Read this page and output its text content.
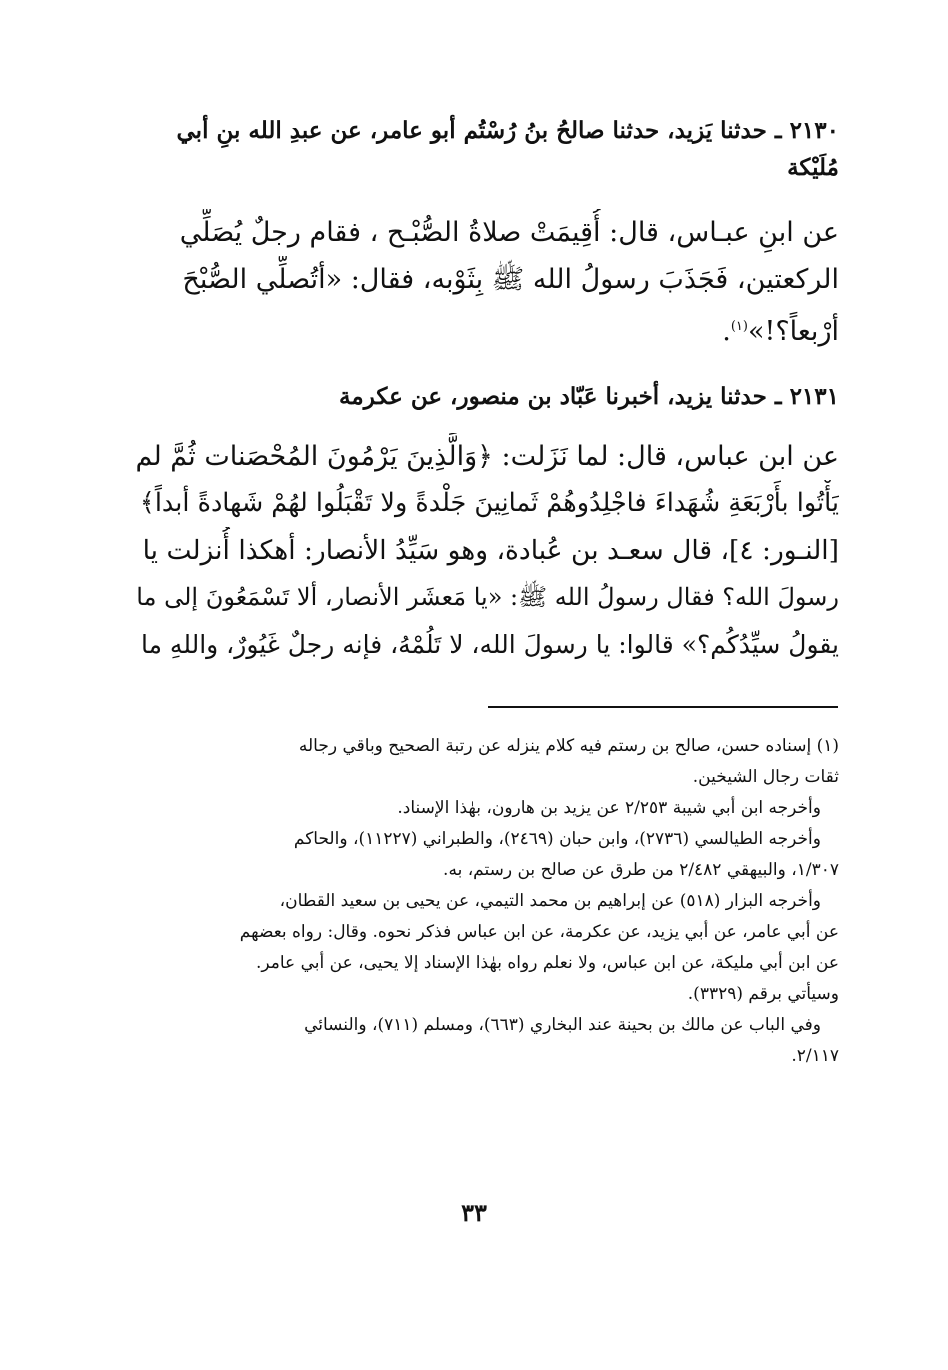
٢١٣٠ ـ حدثنا يَزيد، حدثنا صالحُ بنُ رُسْتُم أبو عامر، عن عبدِ الله بنِ أبي
مُلَيْكة
عن ابنِ عبـاس، قال: أُقِيمَتْ صلاةُ الصُّبْـح ، فقام رجلٌ يُصَلِّي
الركعتين، فَجَذَبَ رسولُ الله ﷺ بِثَوْبه، فقال: «أتُصلِّي الصُّبْحَ
أرْبعاً؟!»$^{(١)}$.
٢١٣١ ـ حدثنا يزيد، أخبرنا عَبّاد بن منصور، عن عكرمة
عن ابن عباس، قال: لما نَزَلت: ﴿وَالَّذِينَ يَرْمُونَ المُحْصَنات ثُمَّ لم
يَأْتُوا بأَرْبَعَةِ شُهَداءَ فاجْلِدُوهُمْ ثَمانِينَ جَلْدةً ولا تَقْبَلُوا لهُمْ شَهادةً أبداً﴾
[النـور: ٤]، قال سعـد بن عُبادة، وهو سَيِّدُ الأنصار: أهكذا أُنزلت يا
رسولَ الله؟ فقال رسولُ الله ﷺ: «يا مَعشَر الأنصار، ألا تَسْمَعُونَ إلى ما
يقولُ سيِّدُكُم؟» قالوا: يا رسولَ الله، لا تَلُمْهُ، فإنه رجلٌ غَيُورٌ، واللهِ ما
(١) إسناده حسن، صالح بن رستم فيه كلام ينزله عن رتبة الصحيح وباقي رجاله
ثقات رجال الشيخين.
وأخرجه ابن أبي شيبة ٢/٢٥٣ عن يزيد بن هارون، بهٰذا الإسناد.
وأخرجه الطيالسي (٢٧٣٦)، وابن حبان (٢٤٦٩)، والطبراني (١١٢٢٧)، والحاكم
١/٣٠٧، والبيهقي ٢/٤٨٢ من طرق عن صالح بن رستم، به.
وأخرجه البزار (٥١٨) عن إبراهيم بن محمد التيمي، عن يحيى بن سعيد القطان،
عن أبي عامر، عن أبي يزيد، عن عكرمة، عن ابن عباس فذكر نحوه. وقال: رواه بعضهم
عن ابن أبي مليكة، عن ابن عباس، ولا نعلم رواه بهٰذا الإسناد إلا يحيى، عن أبي عامر.
وسيأتي برقم (٣٣٢٩).
وفي الباب عن مالك بن بحينة عند البخاري (٦٦٣)، ومسلم (٧١١)، والنسائي
٢/١١٧.
٣٣
